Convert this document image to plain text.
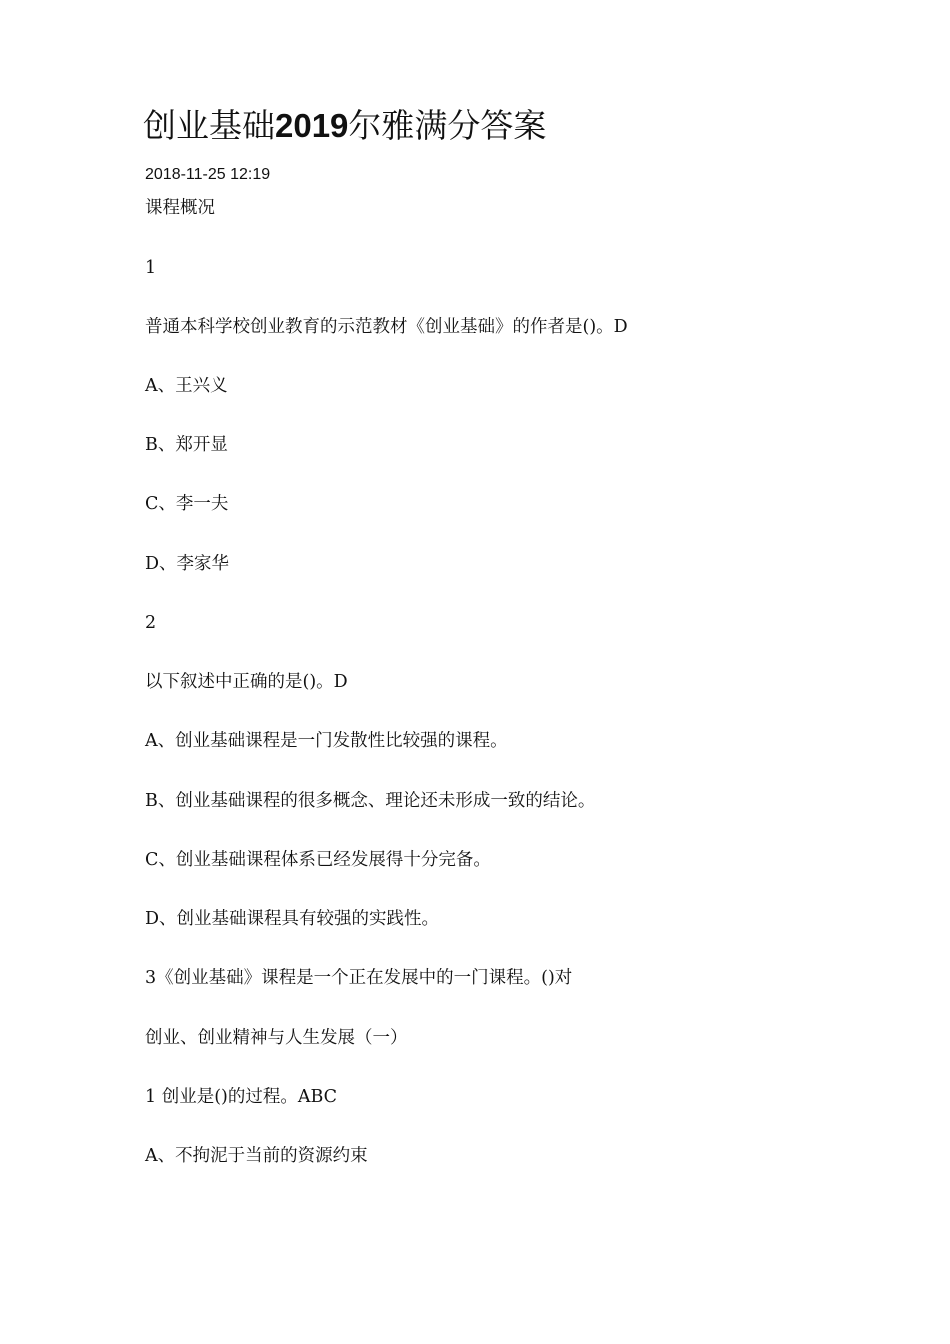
创业基础2019尔雅满分答案
2018-11-25 12:19
课程概况
1
普通本科学校创业教育的示范教材《创业基础》的作者是()。D
A、王兴义
B、郑开显
C、李一夫
D、李家华
2
以下叙述中正确的是()。D
A、创业基础课程是一门发散性比较强的课程。
B、创业基础课程的很多概念、理论还未形成一致的结论。
C、创业基础课程体系已经发展得十分完备。
D、创业基础课程具有较强的实践性。
3《创业基础》课程是一个正在发展中的一门课程。()对
创业、创业精神与人生发展（一）
1 创业是()的过程。ABC
A、不拘泥于当前的资源约束
